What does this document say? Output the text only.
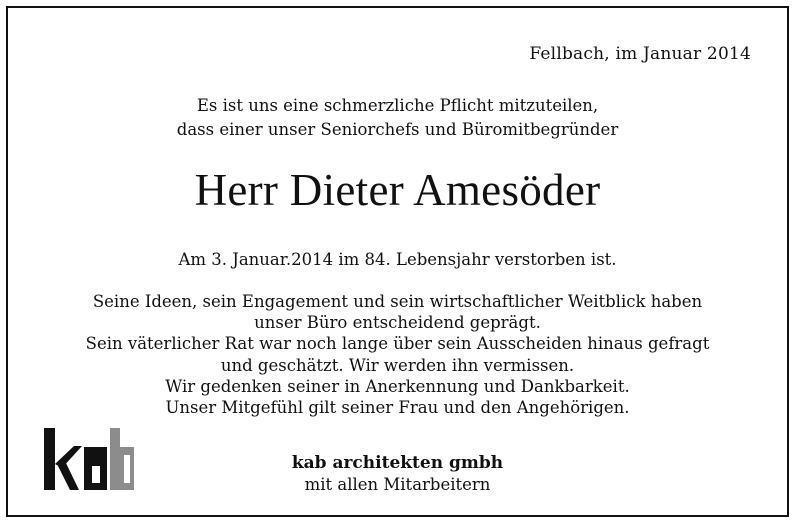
Fellbach, im Januar 2014
Es ist uns eine schmerzliche Pflicht mitzuteilen,
dass einer unser Seniorchefs und Büromitbegründer
Herr Dieter Amesöder
Am 3. Januar.2014 im 84. Lebensjahr verstorben ist.
Seine Ideen, sein Engagement und sein wirtschaftlicher Weitblick haben
unser Büro entscheidend geprägt.
Sein väterlicher Rat war noch lange über sein Ausscheiden hinaus gefragt
und geschätzt. Wir werden ihn vermissen.
Wir gedenken seiner in Anerkennung und Dankbarkeit.
Unser Mitgefühl gilt seiner Frau und den Angehörigen.
kab architekten gmbh
mit allen Mitarbeitern
